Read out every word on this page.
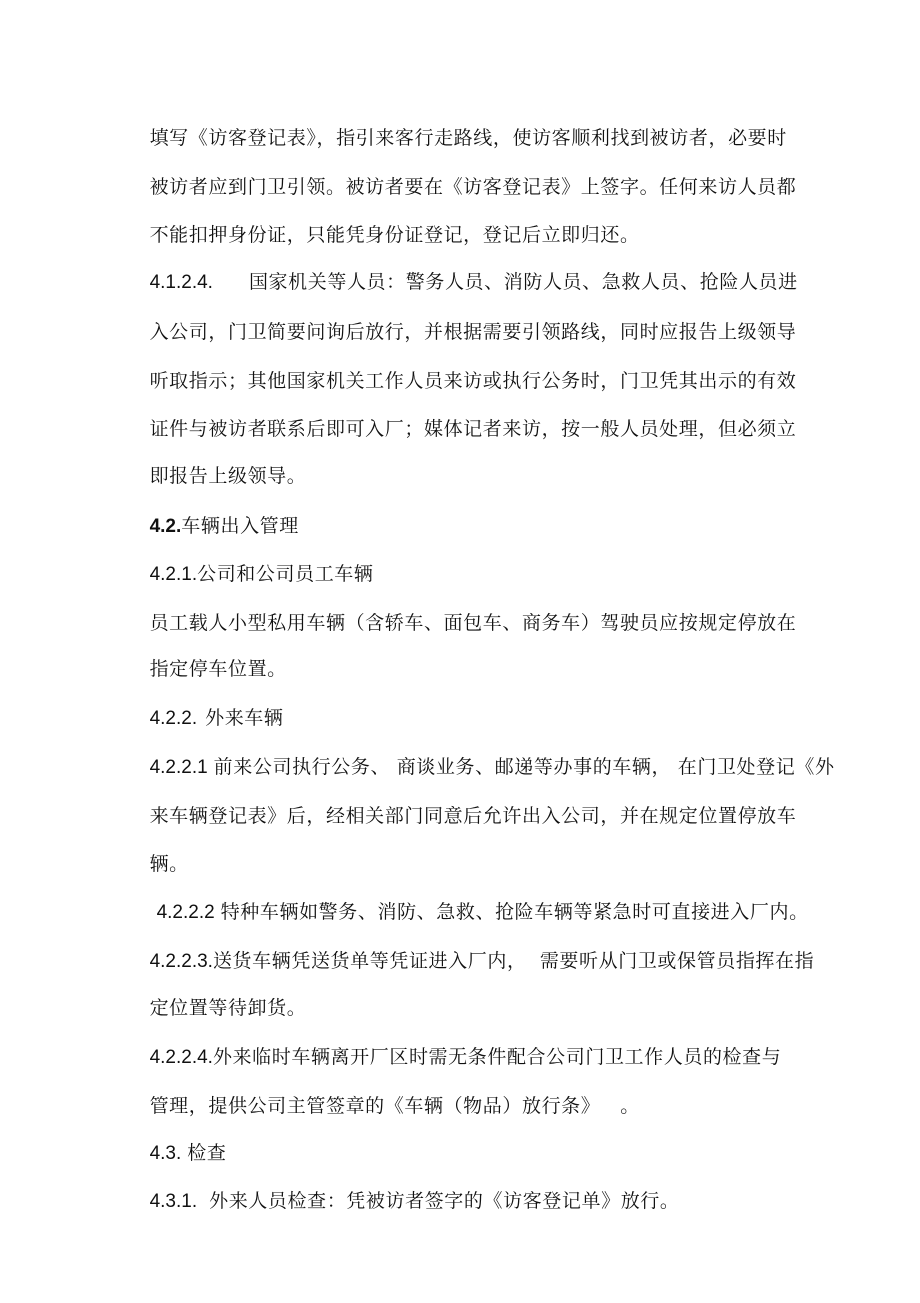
填写《访客登记表》，指引来客行走路线，使访客顺利找到被访者，必要时

被访者应到门卫引领。被访者要在《访客登记表》上签字。任何来访人员都

不能扣押身份证，只能凭身份证登记，登记后立即归还。

4.1.2.4. 国家机关等人员：警务人员、消防人员、急救人员、抢险人员进

入公司，门卫简要问询后放行，并根据需要引领路线，同时应报告上级领导

听取指示；其他国家机关工作人员来访或执行公务时，门卫凭其出示的有效

证件与被访者联系后即可入厂；媒体记者来访，按一般人员处理，但必须立

即报告上级领导。

4.2.车辆出入管理

4.2.1.公司和公司员工车辆

员工载人小型私用车辆（含轿车、面包车、商务车）驾驶员应按规定停放在

指定停车位置。

4.2.2. 外来车辆

4.2.2.1 前来公司执行公务、 商谈业务、邮递等办事的车辆， 在门卫处登记《外

来车辆登记表》后，经相关部门同意后允许出入公司，并在规定位置停放车

辆。

4.2.2.2 特种车辆如警务、消防、急救、抢险车辆等紧急时可直接进入厂内。

4.2.2.3.送货车辆凭送货单等凭证进入厂内，  需要听从门卫或保管员指挥在指

定位置等待卸货。

4.2.2.4.外来临时车辆离开厂区时需无条件配合公司门卫工作人员的检查与

管理，提供公司主管签章的《车辆（物品）放行条》   。

4.3. 检查

4.3.1. 外来人员检查：凭被访者签字的《访客登记单》放行。
